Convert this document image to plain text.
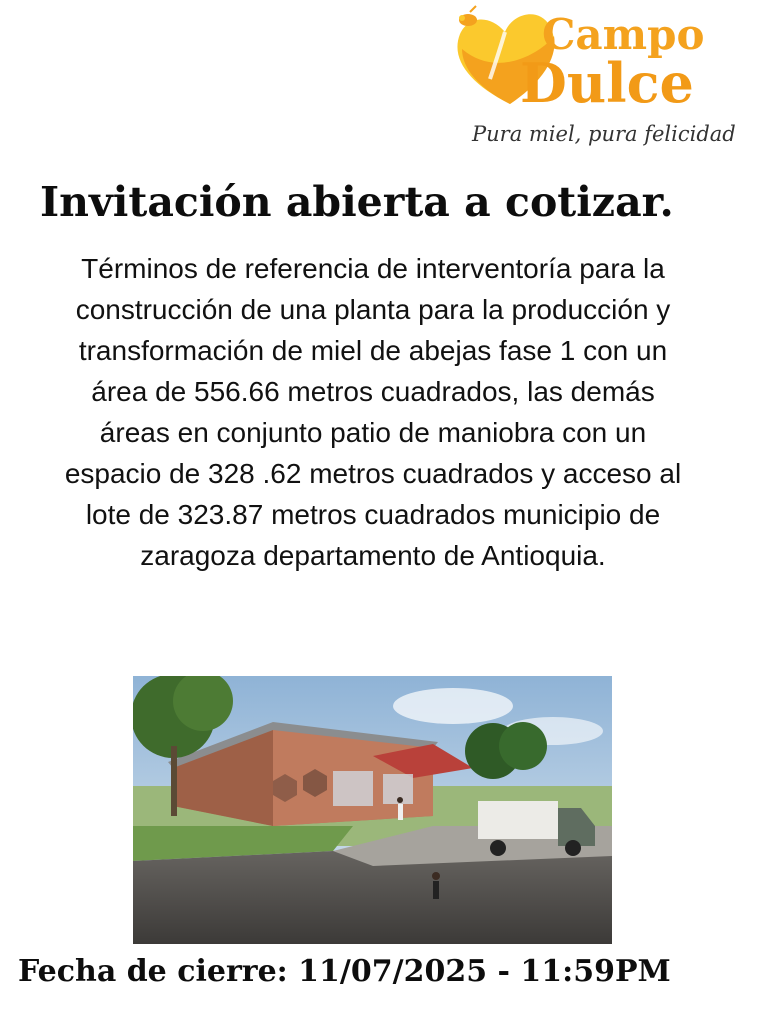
Campo
Dulce
Pura miel, pura felicidad
Invitación abierta a cotizar.
Términos de referencia de interventoría para la construcción de una planta para la producción y transformación de miel de abejas fase 1 con un área de 556.66 metros cuadrados, las demás áreas en conjunto patio de maniobra con un espacio de 328 .62 metros cuadrados y acceso al lote de 323.87 metros cuadrados municipio de zaragoza departamento de Antioquia.
Fecha de cierre: 11/07/2025 - 11:59PM
